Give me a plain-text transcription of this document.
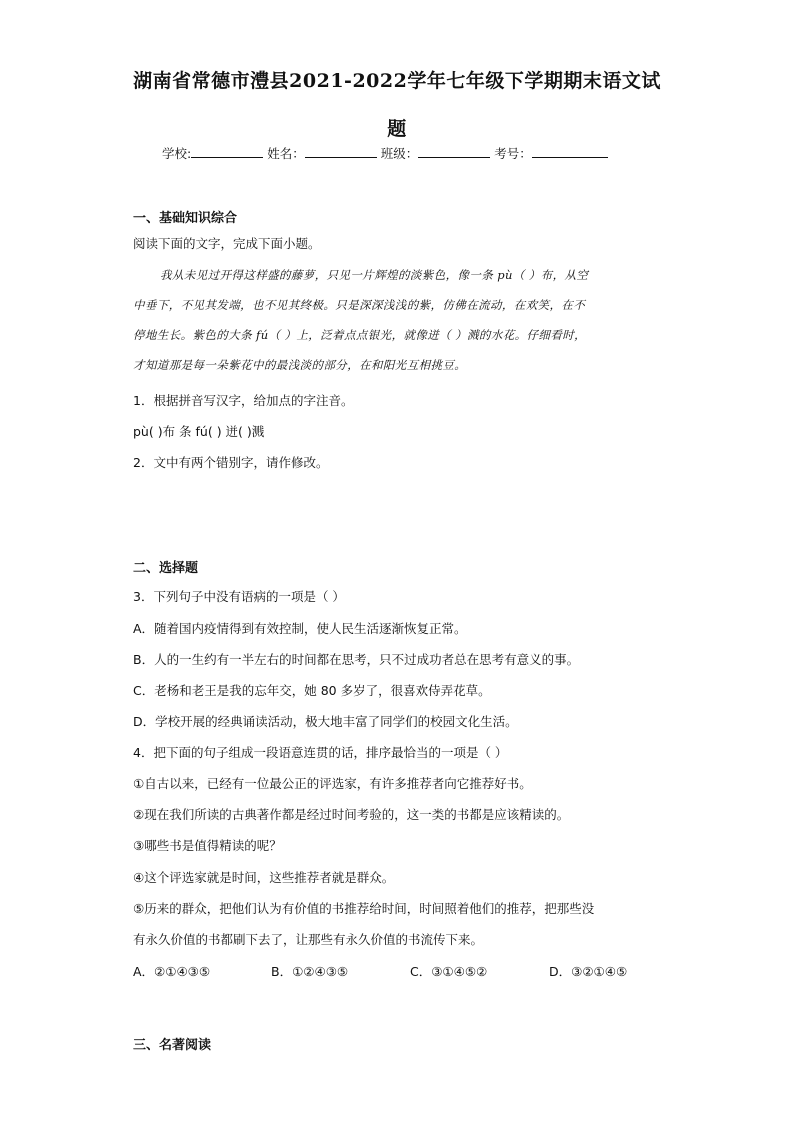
湖南省常德市澧县2021-2022学年七年级下学期期末语文试
题
学校:	姓名：	班级：	考号：
一、基础知识综合
阅读下面的文字，完成下面小题。
我从未见过开得这样盛的藤萝，只见一片辉煌的淡紫色，像一条 pù（ ）布，从空
中垂下，不见其发端，也不见其终极。只是深深浅浅的紫，仿佛在流动，在欢笑，在不
停地生长。紫色的大条 fú（ ）上，泛着点点银光，就像迸（ ）溅的水花。仔细看时，
才知道那是每一朵紫花中的最浅淡的部分，在和阳光互相挑豆。
1．根据拼音写汉字，给加点的字注音。
pù( )布 条 fú( ) 迸( )溅
2．文中有两个错别字，请作修改。
二、选择题
3．下列句子中没有语病的一项是（ ）
A．随着国内疫情得到有效控制，使人民生活逐渐恢复正常。
B．人的一生约有一半左右的时间都在思考，只不过成功者总在思考有意义的事。
C．老杨和老王是我的忘年交，她 80 多岁了，很喜欢侍弄花草。
D．学校开展的经典诵读活动，极大地丰富了同学们的校园文化生活。
4．把下面的句子组成一段语意连贯的话，排序最恰当的一项是（ ）
①自古以来，已经有一位最公正的评选家，有许多推荐者向它推荐好书。
②现在我们所读的古典著作都是经过时间考验的，这一类的书都是应该精读的。
③哪些书是值得精读的呢？
④这个评选家就是时间，这些推荐者就是群众。
⑤历来的群众，把他们认为有价值的书推荐给时间，时间照着他们的推荐，把那些没
有永久价值的书都刷下去了，让那些有永久价值的书流传下来。
A．②①④③⑤	B．①②④③⑤	C．③①④⑤②	D．③②①④⑤
三、名著阅读
